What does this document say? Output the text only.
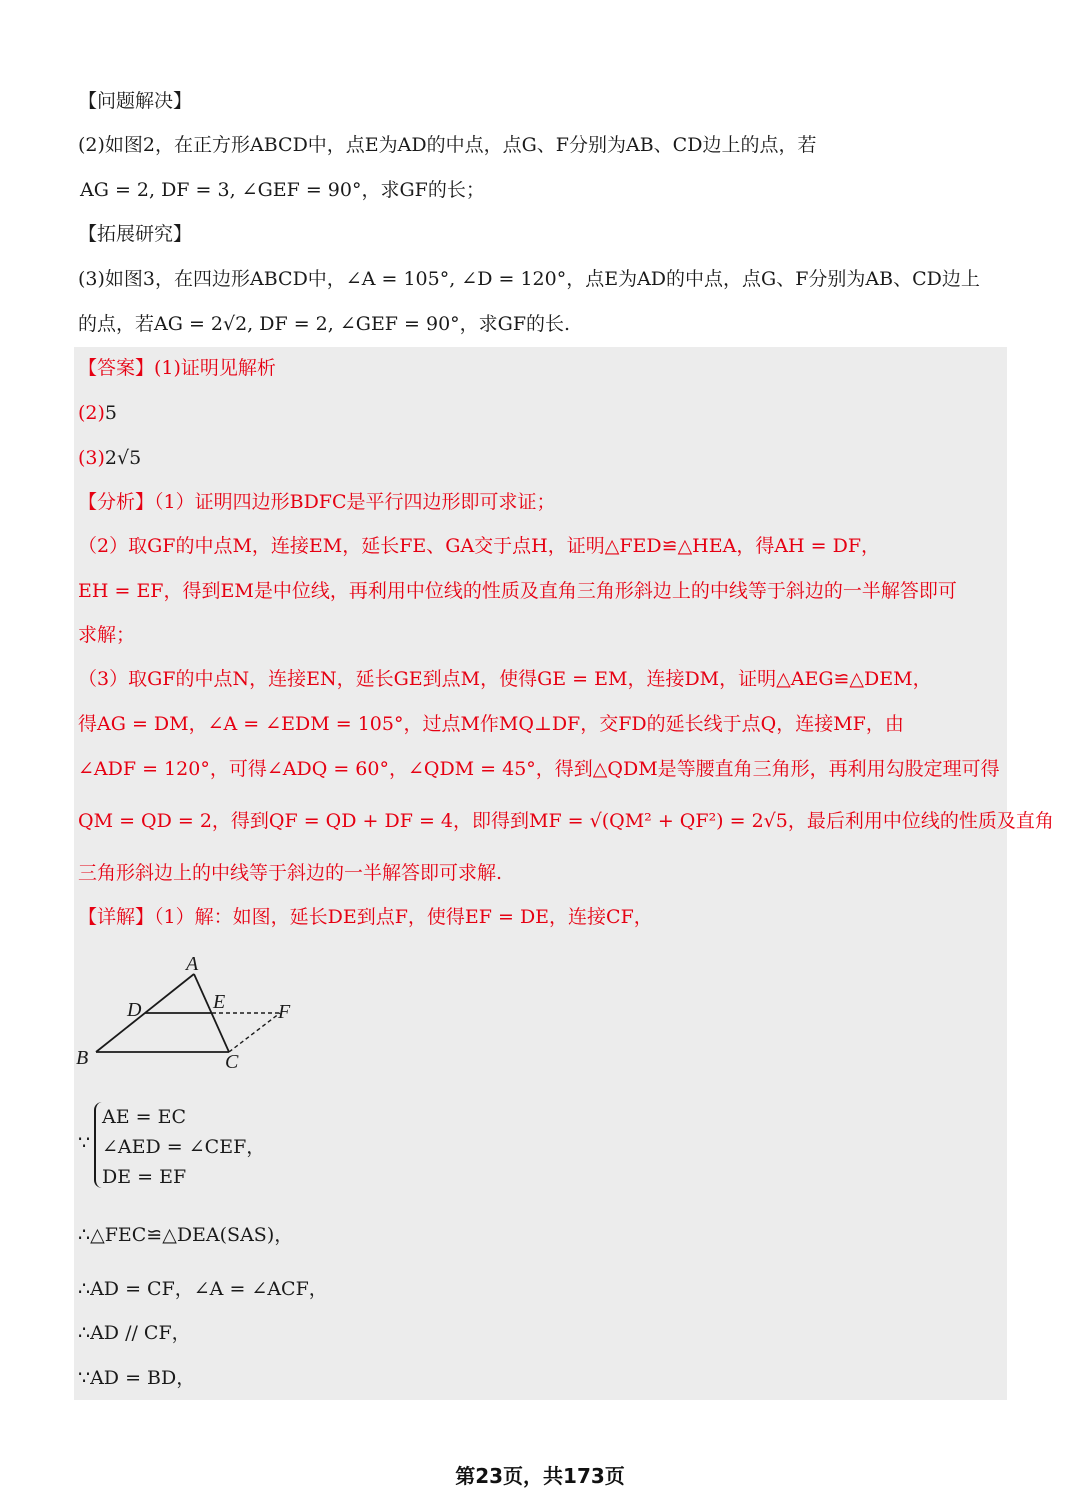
【问题解决】
(2)如图2，在正方形ABCD中，点E为AD的中点，点G、F分别为AB、CD边上的点，若
AG = 2, DF = 3, ∠GEF = 90°，求GF的长；
【拓展研究】
(3)如图3，在四边形ABCD中，∠A = 105°, ∠D = 120°，点E为AD的中点，点G、F分别为AB、CD边上
的点，若AG = 2√2, DF = 2, ∠GEF = 90°，求GF的长.
【答案】(1)证明见解析
(2)5
(3)2√5
【分析】（1）证明四边形BDFC是平行四边形即可求证；
（2）取GF的中点M，连接EM，延长FE、GA交于点H，证明△FED≌△HEA，得AH = DF，
EH = EF，得到EM是中位线，再利用中位线的性质及直角三角形斜边上的中线等于斜边的一半解答即可
求解；
（3）取GF的中点N，连接EN，延长GE到点M，使得GE = EM，连接DM，证明△AEG≌△DEM，
得AG = DM，∠A = ∠EDM = 105°，过点M作MQ⊥DF，交FD的延长线于点Q，连接MF，由
∠ADF = 120°，可得∠ADQ = 60°，∠QDM = 45°，得到△QDM是等腰直角三角形，再利用勾股定理可得
QM = QD = 2，得到QF = QD + DF = 4，即得到MF = √(QM² + QF²) = 2√5，最后利用中位线的性质及直角
三角形斜边上的中线等于斜边的一半解答即可求解.
【详解】（1）解：如图，延长DE到点F，使得EF = DE，连接CF，
A
B	C
D	E	F
∵
AE = EC
∠AED = ∠CEF，
DE = EF
∴△FEC≌△DEA(SAS)，
∴AD = CF，∠A = ∠ACF，
∴AD // CF，
∵AD = BD，
第23页，共173页
